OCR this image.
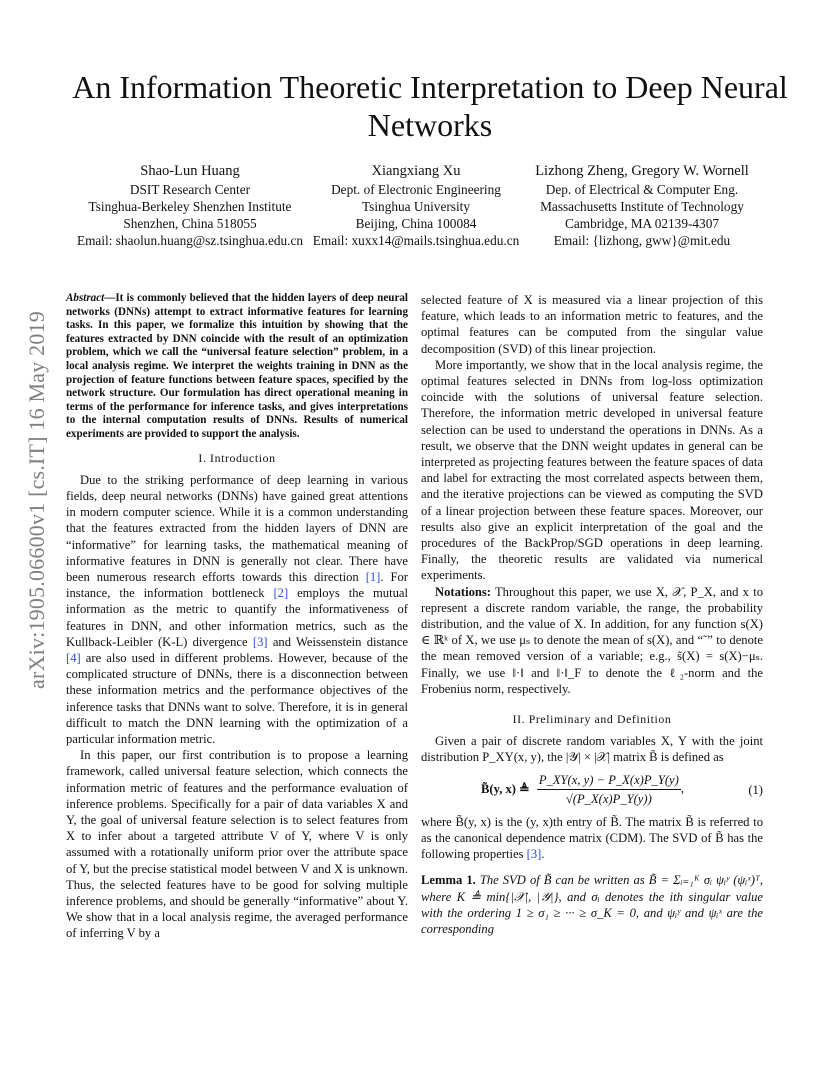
arXiv:1905.06600v1 [cs.IT] 16 May 2019
An Information Theoretic Interpretation to Deep Neural Networks
Shao-Lun Huang
DSIT Research Center
Tsinghua-Berkeley Shenzhen Institute
Shenzhen, China 518055
Email: shaolun.huang@sz.tsinghua.edu.cn
Xiangxiang Xu
Dept. of Electronic Engineering
Tsinghua University
Beijing, China 100084
Email: xuxx14@mails.tsinghua.edu.cn
Lizhong Zheng, Gregory W. Wornell
Dep. of Electrical & Computer Eng.
Massachusetts Institute of Technology
Cambridge, MA 02139-4307
Email: {lizhong, gww}@mit.edu

Abstract—It is commonly believed that the hidden layers of deep neural networks (DNNs) attempt to extract informative features for learning tasks. In this paper, we formalize this intuition by showing that the features extracted by DNN coincide with the result of an optimization problem, which we call the “universal feature selection” problem, in a local analysis regime. We interpret the weights training in DNN as the projection of feature functions between feature spaces, specified by the network structure. Our formulation has direct operational meaning in terms of the performance for inference tasks, and gives interpretations to the internal computation results of DNNs. Results of numerical experiments are provided to support the analysis.

I. Introduction

Due to the striking performance of deep learning in various fields, deep neural networks (DNNs) have gained great attentions in modern computer science. While it is a common understanding that the features extracted from the hidden layers of DNN are “informative” for learning tasks, the mathematical meaning of informative features in DNN is generally not clear. There have been numerous research efforts towards this direction [1]. For instance, the information bottleneck [2] employs the mutual information as the metric to quantify the informativeness of features in DNN, and other information metrics, such as the Kullback-Leibler (K-L) divergence [3] and Weissenstein distance [4] are also used in different problems. However, because of the complicated structure of DNNs, there is a disconnection between these information metrics and the performance objectives of the inference tasks that DNNs want to solve. Therefore, it is in general difficult to match the DNN learning with the optimization of a particular information metric.

In this paper, our first contribution is to propose a learning framework, called universal feature selection, which connects the information metric of features and the performance evaluation of inference problems. Specifically for a pair of data variables X and Y, the goal of universal feature selection is to select features from X to infer about a targeted attribute V of Y, where V is only assumed with a rotationally uniform prior over the attribute space of Y, but the precise statistical model between V and X is unknown. Thus, the selected features have to be good for solving multiple inference problems, and should be generally “informative” about Y. We show that in a local analysis regime, the averaged performance of inferring V by a

selected feature of X is measured via a linear projection of this feature, which leads to an information metric to features, and the optimal features can be computed from the singular value decomposition (SVD) of this linear projection.

More importantly, we show that in the local analysis regime, the optimal features selected in DNNs from log-loss optimization coincide with the solutions of universal feature selection. Therefore, the information metric developed in universal feature selection can be used to understand the operations in DNNs. As a result, we observe that the DNN weight updates in general can be interpreted as projecting features between the feature spaces of data and label for extracting the most correlated aspects between them, and the iterative projections can be viewed as computing the SVD of a linear projection between these feature spaces. Moreover, our results also give an explicit interpretation of the goal and the procedures of the BackProp/SGD operations in deep learning. Finally, the theoretic results are validated via numerical experiments.

Notations: Throughout this paper, we use X, 𝒳, P_X, and x to represent a discrete random variable, the range, the probability distribution, and the value of X. In addition, for any function s(X) ∈ ℝᵏ of X, we use μₛ to denote the mean of s(X), and “˜” to denote the mean removed version of a variable; e.g., s̃(X) = s(X)−μₛ. Finally, we use ‖·‖ and ‖·‖_F to denote the ℓ₂-norm and the Frobenius norm, respectively.

II. Preliminary and Definition

Given a pair of discrete random variables X, Y with the joint distribution P_XY(x, y), the |𝒴| × |𝒳| matrix B̃ is defined as

B̃(y, x) ≜ $\frac{P\_XY(x, y) - P\_X(x)P\_Y(y)}{√(P\_X(x)P\_Y(y))}$ ,	(1)

where B̃(y, x) is the (y, x)th entry of B̃. The matrix B̃ is referred to as the canonical dependence matrix (CDM). The SVD of B̃ has the following properties [3].

Lemma 1. The SVD of B̃ can be written as B̃ = Σᵢ₌₁ᴷ σᵢ ψᵢʸ (ψᵢˣ)ᵀ, where K ≜ min{|𝒳|, |𝒴|}, and σᵢ denotes the ith singular value with the ordering 1 ≥ σ₁ ≥ ··· ≥ σ_K = 0, and ψᵢʸ and ψᵢˣ are the corresponding
